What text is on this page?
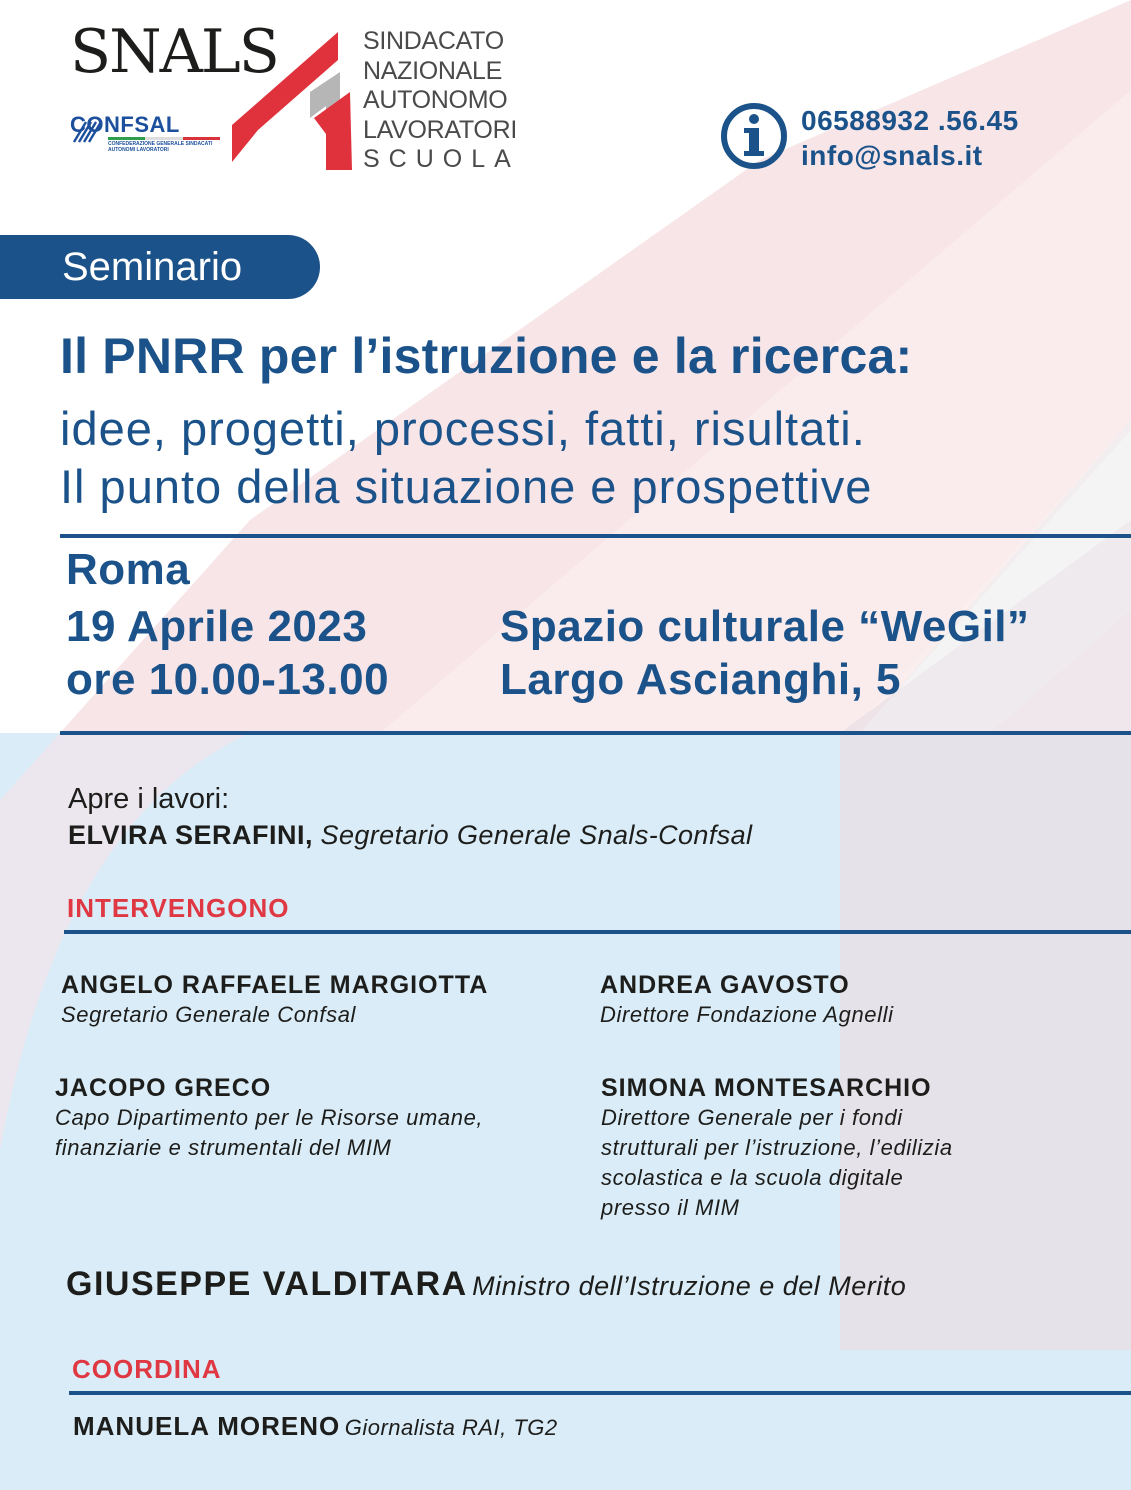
SNALS
CONFSAL
CONFEDERAZIONE GENERALE SINDACATI AUTONOMI LAVORATORI
SINDACATO
NAZIONALE
AUTONOMO
LAVORATORI
SCUOLA
06588932 .56.45
info@snals.it
Seminario
Il PNRR per l’istruzione e la ricerca:
idee, progetti, processi, fatti, risultati.
Il punto della situazione e prospettive
Roma
19 Aprile 2023
ore 10.00-13.00
Spazio culturale “WeGil”
Largo Ascianghi, 5
Apre i lavori:
ELVIRA SERAFINI, Segretario Generale Snals-Confsal
INTERVENGONO
ANGELO RAFFAELE MARGIOTTA
Segretario Generale Confsal
ANDREA GAVOSTO
Direttore Fondazione Agnelli
JACOPO GRECO
Capo Dipartimento per le Risorse umane,
finanziarie e strumentali del MIM
SIMONA MONTESARCHIO
Direttore Generale per i fondi
strutturali per l’istruzione, l’edilizia
scolastica e la scuola digitale
presso il MIM
GIUSEPPE VALDITARA Ministro dell’Istruzione e del Merito
COORDINA
MANUELA MORENO Giornalista RAI, TG2
